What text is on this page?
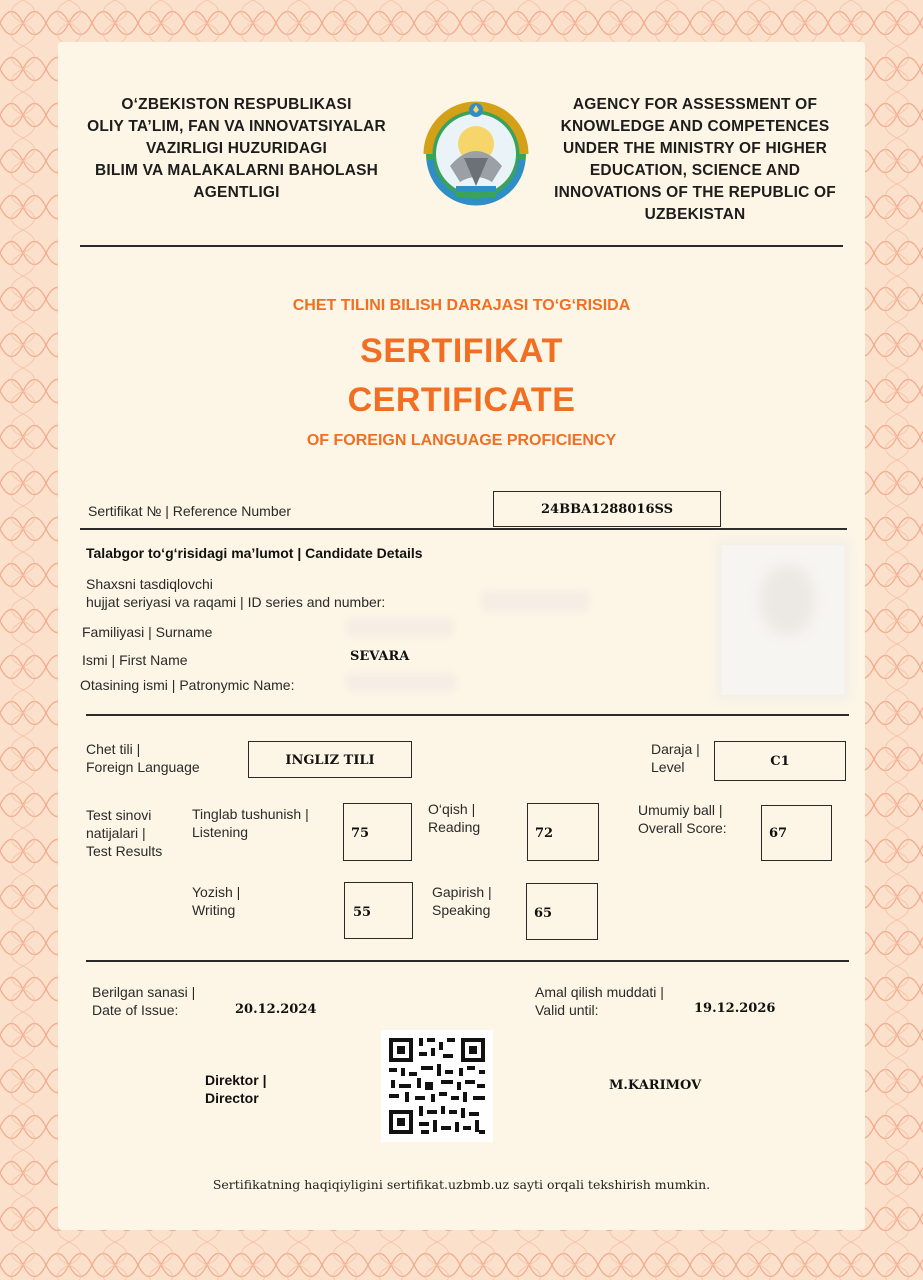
O‘ZBEKISTON RESPUBLIKASI
OLIY TA’LIM, FAN VA INNOVATSIYALAR
VAZIRLIGI HUZURIDAGI
BILIM VA MALAKALARNI BAHOLASH
AGENTLIGI
AGENCY FOR ASSESSMENT OF
KNOWLEDGE AND COMPETENCES
UNDER THE MINISTRY OF HIGHER
EDUCATION, SCIENCE AND
INNOVATIONS OF THE REPUBLIC OF
UZBEKISTAN
CHET TILINI BILISH DARAJASI TO‘G‘RISIDA
SERTIFIKAT
CERTIFICATE
OF FOREIGN LANGUAGE PROFICIENCY
Sertifikat № | Reference Number	24BBA1288016SS
Talabgor to‘g‘risidagi ma’lumot | Candidate Details
Shaxsni tasdiqlovchi
hujjat seriyasi va raqami | ID series and number:
Familiyasi | Surname
Ismi | First Name	SEVARA
Otasining ismi | Patronymic Name:
Chet tili |
Foreign Language	INGLIZ TILI
Daraja |
Level	C1
Test sinovi
natijalari |
Test Results
Tinglab tushunish |
Listening	75
O‘qish |
Reading	72
Umumiy ball |
Overall Score:	67
Yozish |
Writing	55
Gapirish |
Speaking	65
Berilgan sanasi |
Date of Issue:	20.12.2024
Amal qilish muddati |
Valid until:	19.12.2026
Direktor |
Director
M.KARIMOV
Sertifikatning haqiqiyligini sertifikat.uzbmb.uz sayti orqali tekshirish mumkin.
